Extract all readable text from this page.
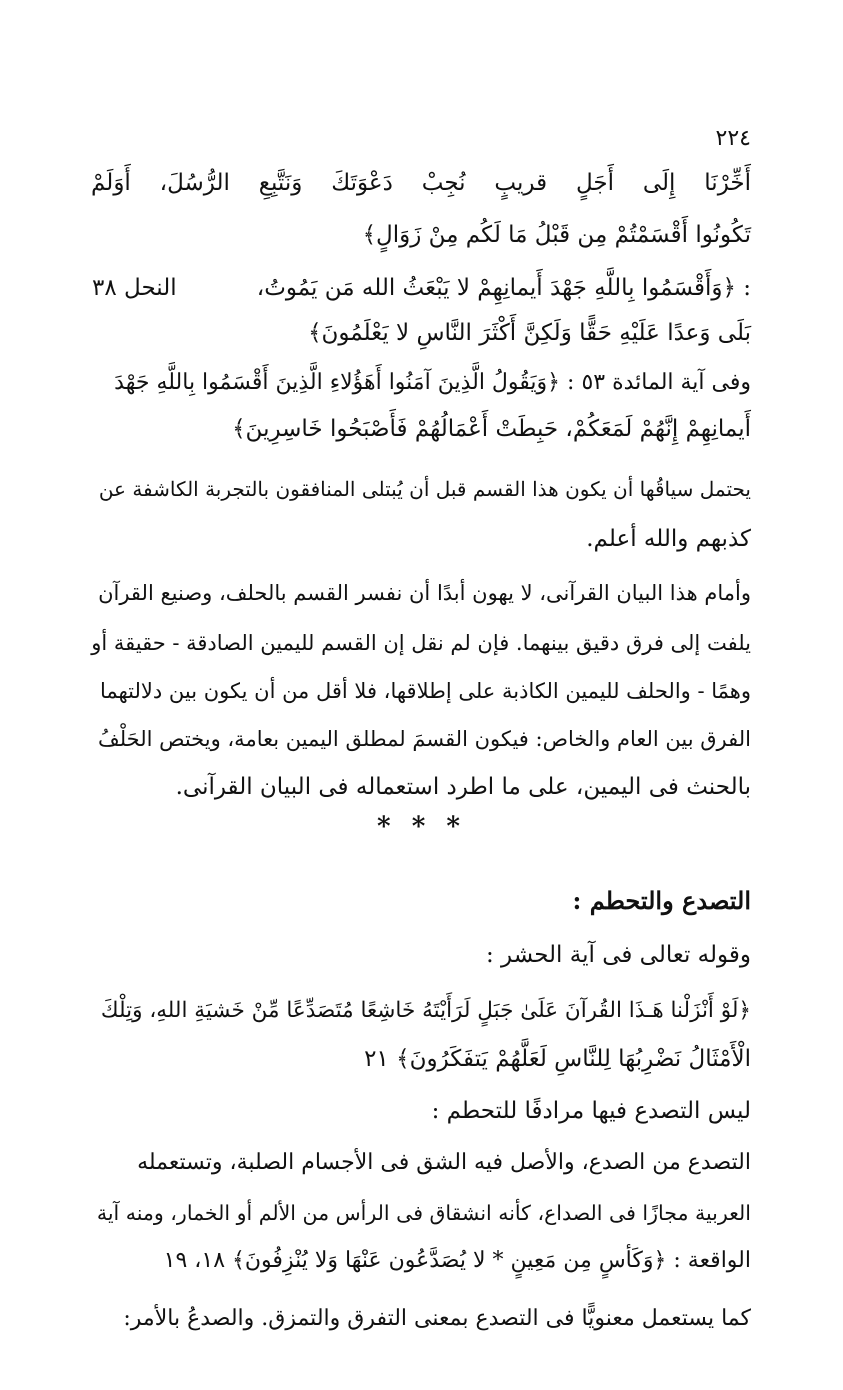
٢٢٤
أَخِّرْنَا إِلَى أَجَلٍ قريبٍ نُجِبْ دَعْوَتَكَ وَنَتَّبِعِ الرُّسُلَ، أَوَلَمْ
تَكُونُوا أَقْسَمْتُمْ مِن قَبْلُ مَا لَكُم مِنْ زَوَالٍ﴾
النحل ٣٨	: ﴿وَأَقْسَمُوا بِاللَّهِ جَهْدَ أَيمانِهِمْ لا يَبْعَثُ الله مَن يَمُوتُ،
بَلَى وَعدًا عَلَيْهِ حَقًّا وَلَكِنَّ أَكْثَرَ النَّاسِ لا يَعْلَمُونَ﴾
وفى آية المائدة ٥٣ : ﴿وَيَقُولُ الَّذِينَ آمَنُوا أَهَؤُلاءِ الَّذِينَ أَقْسَمُوا بِاللَّهِ جَهْدَ
أَيمانِهِمْ إِنَّهُمْ لَمَعَكُمْ، حَبِطَتْ أَعْمَالُهُمْ فَأَصْبَحُوا خَاسِرِينَ﴾
يحتمل سياقُها أن يكون هذا القسم قبل أن يُبتلى المنافقون بالتجربة الكاشفة عن
كذبهم والله أعلم.
وأمام هذا البيان القرآنى، لا يهون أبدًا أن نفسر القسم بالحلف، وصنيع القرآن
يلفت إلى فرق دقيق بينهما. فإن لم نقل إن القسم لليمين الصادقة - حقيقة أو
وهمًا - والحلف لليمين الكاذبة على إطلاقها، فلا أقل من أن يكون بين دلالتهما
الفرق بين العام والخاص: فيكون القسمَ لمطلق اليمين بعامة، ويختص الحَلْفُ
بالحنث فى اليمين، على ما اطرد استعماله فى البيان القرآنى.
* * *
التصدع والتحطم :
وقوله تعالى فى آية الحشر :
﴿لَوْ أَنْزَلْنا هَـذَا القُرآنَ عَلَىٰ جَبَلٍ لَرَأَيْتَهُ خَاشِعًا مُتَصَدِّعًا مِّنْ خَشيَةِ اللهِ، وَتِلْكَ
الْأَمْثَالُ نَضْرِبُهَا لِلنَّاسِ لَعَلَّهُمْ يَتفَكَرُونَ﴾ ٢١
ليس التصدع فيها مرادفًا للتحطم :
التصدع من الصدع، والأصل فيه الشق فى الأجسام الصلبة، وتستعمله
العربية مجازًا فى الصداع، كأنه انشقاق فى الرأس من الألم أو الخمار، ومنه آية
الواقعة : ﴿وَكَأسٍ مِن مَعِينٍ * لا يُصَدَّعُون عَنْهَا وَلا يُنْزِفُونَ﴾ ١٨، ١٩
كما يستعمل معنويًّا فى التصدع بمعنى التفرق والتمزق. والصدعُ بالأمر:
